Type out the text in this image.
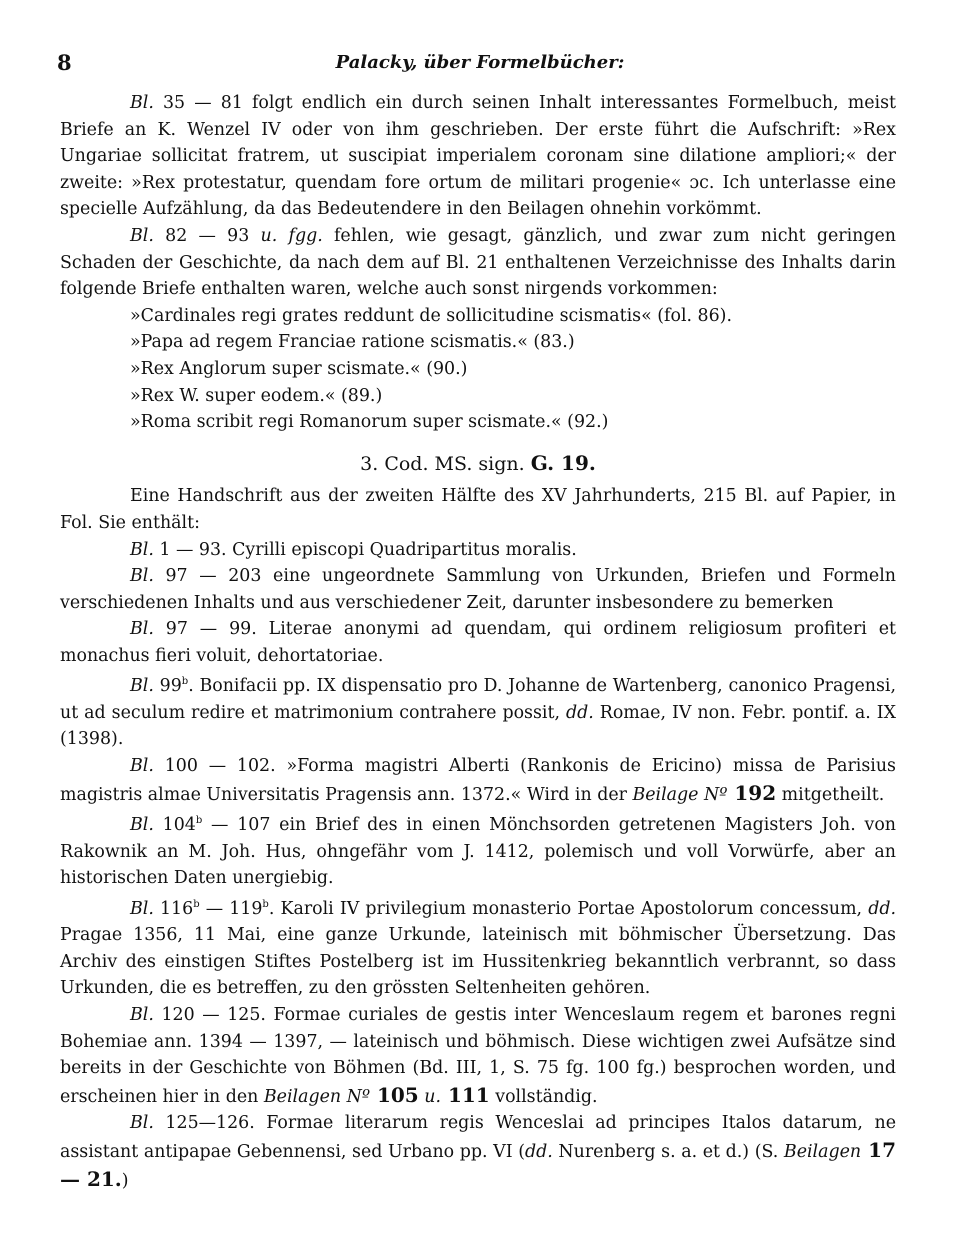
8	Palacky, über Formelbücher:

Bl. 35 — 81 folgt endlich ein durch seinen Inhalt interessantes Formelbuch, meist Briefe an K. Wenzel IV oder von ihm geschrieben. Der erste führt die Aufschrift: »Rex Ungariae sollicitat fratrem, ut suscipiat imperialem coronam sine dilatione ampliori;« der zweite: »Rex protestatur, quendam fore ortum de militari progenie« ɔc. Ich unterlasse eine specielle Aufzählung, da das Bedeutendere in den Beilagen ohnehin vorkömmt.

Bl. 82 — 93 u. fgg. fehlen, wie gesagt, gänzlich, und zwar zum nicht geringen Schaden der Geschichte, da nach dem auf Bl. 21 enthaltenen Verzeichnisse des Inhalts darin folgende Briefe enthalten waren, welche auch sonst nirgends vorkommen:

»Cardinales regi grates reddunt de sollicitudine scismatis« (fol. 86).

»Papa ad regem Franciae ratione scismatis.« (83.)

»Rex Anglorum super scismate.« (90.)

»Rex W. super eodem.« (89.)

»Roma scribit regi Romanorum super scismate.« (92.)

3. Cod. MS. sign. G. 19.

Eine Handschrift aus der zweiten Hälfte des XV Jahrhunderts, 215 Bl. auf Papier, in Fol. Sie enthält:

Bl. 1 — 93. Cyrilli episcopi Quadripartitus moralis.

Bl. 97 — 203 eine ungeordnete Sammlung von Urkunden, Briefen und Formeln verschiedenen Inhalts und aus verschiedener Zeit, darunter insbesondere zu bemerken

Bl. 97 — 99. Literae anonymi ad quendam, qui ordinem religiosum profiteri et monachus fieri voluit, dehortatoriae.

Bl. 99$^b$. Bonifacii pp. IX dispensatio pro D. Johanne de Wartenberg, canonico Pragensi, ut ad seculum redire et matrimonium contrahere possit, dd. Romae, IV non. Febr. pontif. a. IX (1398).

Bl. 100 — 102. »Forma magistri Alberti (Rankonis de Ericino) missa de Parisius magistris almae Universitatis Pragensis ann. 1372.« Wird in der Beilage Nº 192 mitgetheilt.

Bl. 104$^b$ — 107 ein Brief des in einen Mönchsorden getretenen Magisters Joh. von Rakownik an M. Joh. Hus, ohngefähr vom J. 1412, polemisch und voll Vorwürfe, aber an historischen Daten unergiebig.

Bl. 116$^b$ — 119$^b$. Karoli IV privilegium monasterio Portae Apostolorum concessum, dd. Pragae 1356, 11 Mai, eine ganze Urkunde, lateinisch mit böhmischer Übersetzung. Das Archiv des einstigen Stiftes Postelberg ist im Hussitenkrieg bekanntlich verbrannt, so dass Urkunden, die es betreffen, zu den grössten Seltenheiten gehören.

Bl. 120 — 125. Formae curiales de gestis inter Wenceslaum regem et barones regni Bohemiae ann. 1394 — 1397, — lateinisch und böhmisch. Diese wichtigen zwei Aufsätze sind bereits in der Geschichte von Böhmen (Bd. III, 1, S. 75 fg. 100 fg.) besprochen worden, und erscheinen hier in den Beilagen Nº 105 u. 111 vollständig.

Bl. 125—126. Formae literarum regis Wenceslai ad principes Italos datarum, ne assistant antipapae Gebennensi, sed Urbano pp. VI (dd. Nurenberg s. a. et d.) (S. Beilagen 17 — 21.)
